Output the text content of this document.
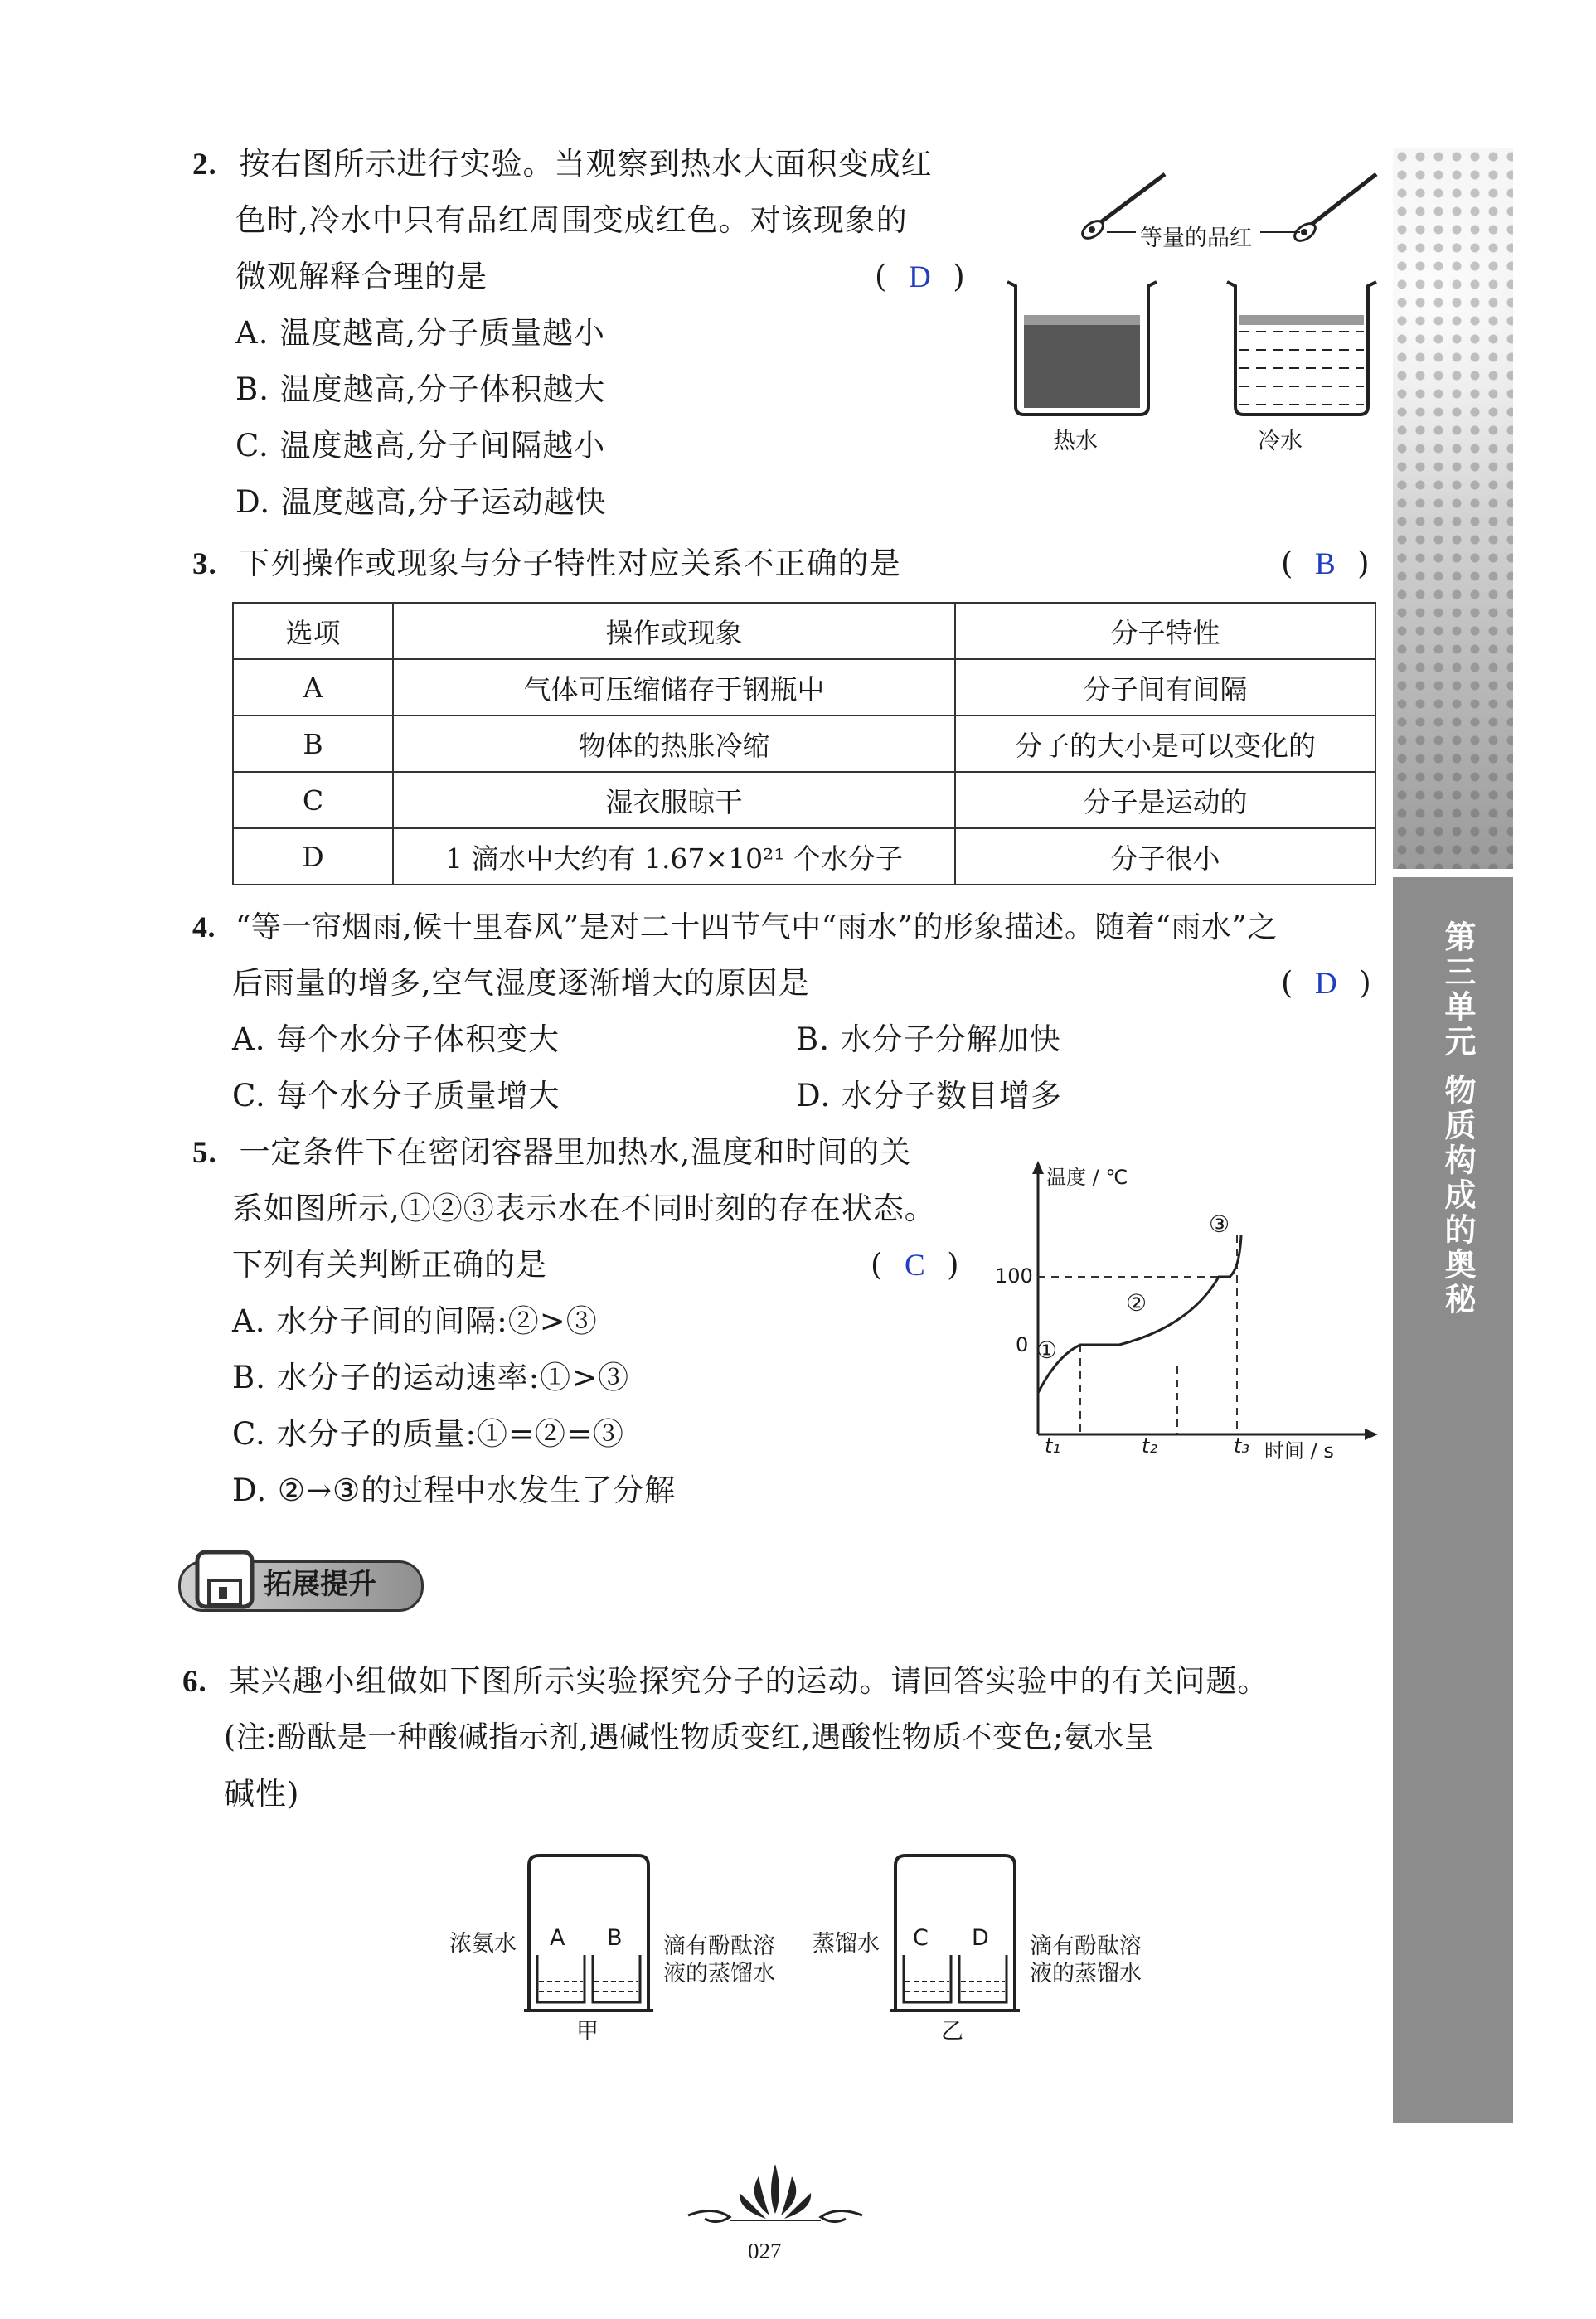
第三单元 物质构成的奥秘
2. 按右图所示进行实验。当观察到热水大面积变成红
色时,冷水中只有品红周围变成红色。对该现象的
微观解释合理的是	(  D  )
A. 温度越高,分子质量越小
B. 温度越高,分子体积越大
C. 温度越高,分子间隔越小
D. 温度越高,分子运动越快
等量的品红
热水	冷水
3. 下列操作或现象与分子特性对应关系不正确的是	(  B  )
选项	操作或现象	分子特性
A	气体可压缩储存于钢瓶中	分子间有间隔
B	物体的热胀冷缩	分子的大小是可以变化的
C	湿衣服晾干	分子是运动的
D	1 滴水中大约有 1.67×10²¹ 个水分子	分子很小
4. “等一帘烟雨,候十里春风”是对二十四节气中“雨水”的形象描述。随着“雨水”之
后雨量的增多,空气湿度逐渐增大的原因是	(  D  )
A. 每个水分子体积变大	B. 水分子分解加快
C. 每个水分子质量增大	D. 水分子数目增多
5. 一定条件下在密闭容器里加热水,温度和时间的关
系如图所示,①②③表示水在不同时刻的存在状态。
下列有关判断正确的是	(  C  )
A. 水分子间的间隔:②>③
B. 水分子的运动速率:①>③
C. 水分子的质量:①=②=③
D. ②→③的过程中水发生了分解
温度 / ℃
100
0
t₁	t₂	t₃ 时间 / s
①
②
③
拓展提升
6. 某兴趣小组做如下图所示实验探究分子的运动。请回答实验中的有关问题。
(注:酚酞是一种酸碱指示剂,遇碱性物质变红,遇酸性物质不变色;氨水呈
碱性)
A B
浓氨水	滴有酚酞溶
液的蒸馏水
甲
C D
蒸馏水	滴有酚酞溶
液的蒸馏水
乙
027
